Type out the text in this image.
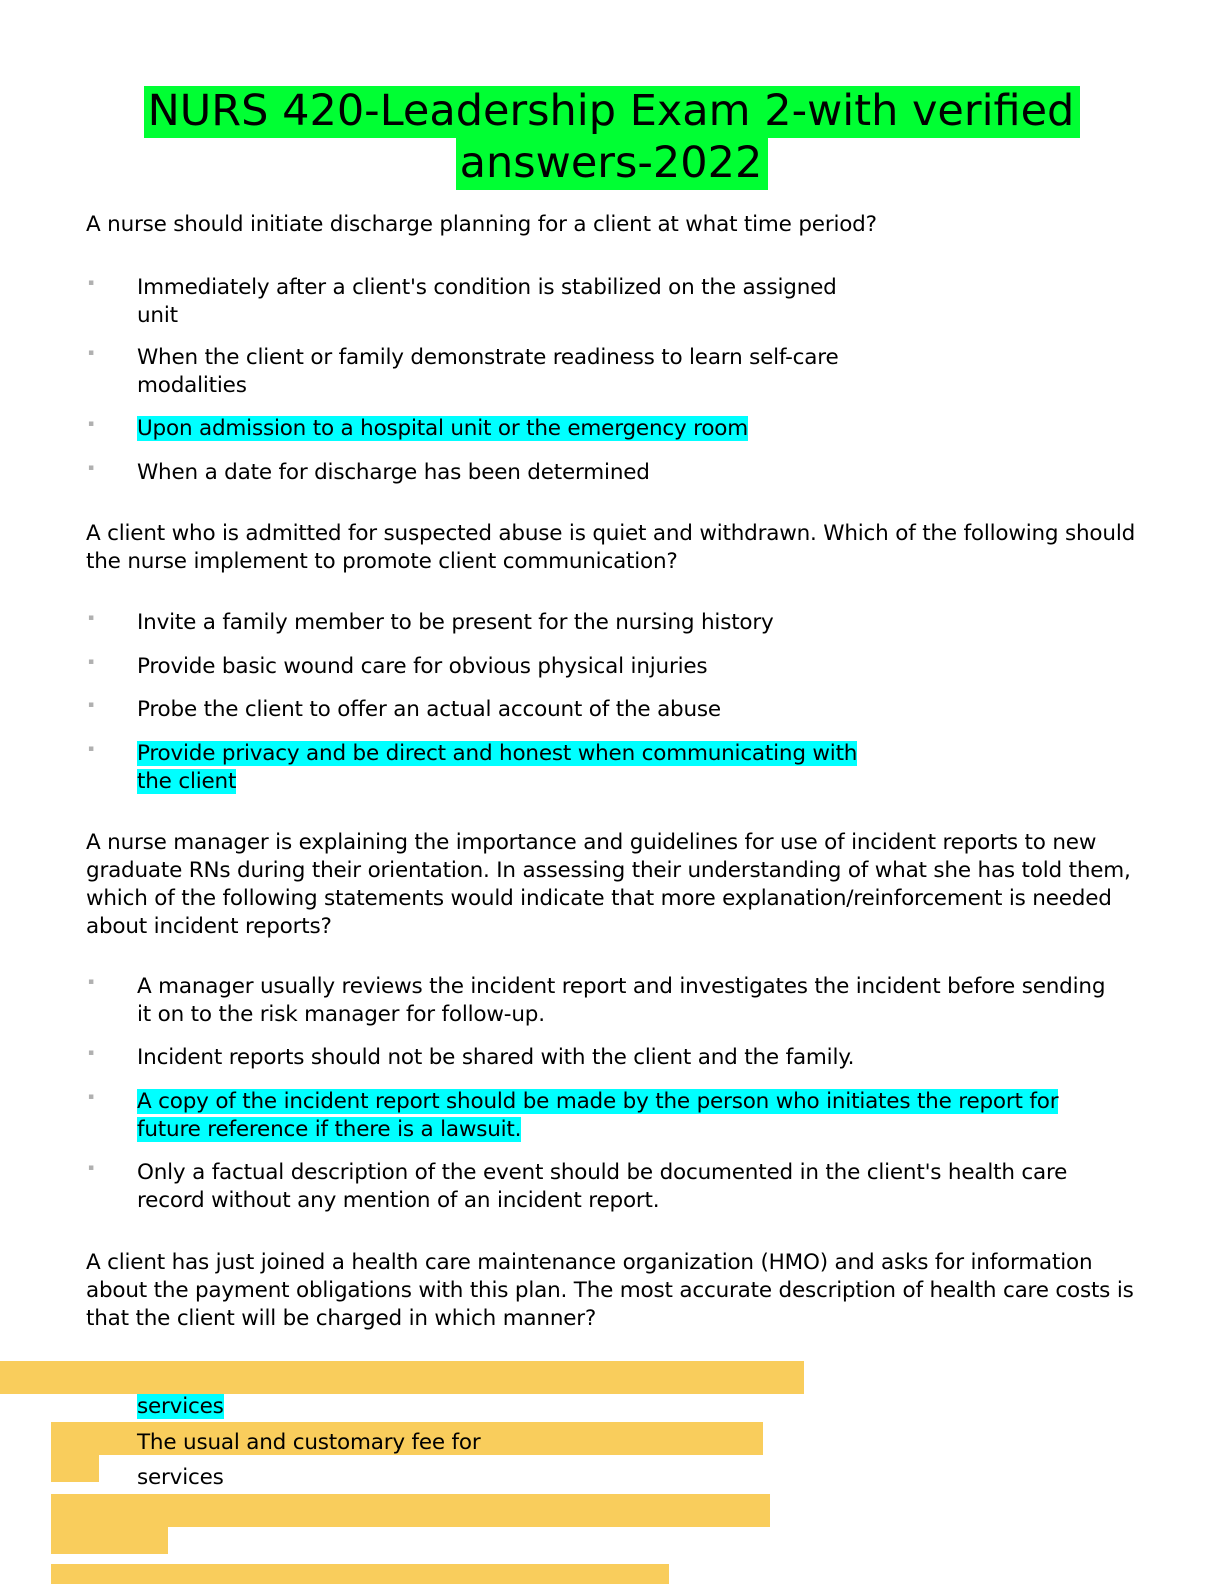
NURS 420-Leadership Exam 2-with verified
answers-2022

A nurse should initiate discharge planning for a client at what time period?

▪ Immediately after a client's condition is stabilized on the assigned unit
▪ When the client or family demonstrate readiness to learn self-care modalities
▪ Upon admission to a hospital unit or the emergency room
▪ When a date for discharge has been determined

A client who is admitted for suspected abuse is quiet and withdrawn. Which of the following should the nurse implement to promote client communication?

▪ Invite a family member to be present for the nursing history
▪ Provide basic wound care for obvious physical injuries
▪ Probe the client to offer an actual account of the abuse
▪ Provide privacy and be direct and honest when communicating with the client

A nurse manager is explaining the importance and guidelines for use of incident reports to new graduate RNs during their orientation. In assessing their understanding of what she has told them, which of the following statements would indicate that more explanation/reinforcement is needed about incident reports?

▪ A manager usually reviews the incident report and investigates the incident before sending it on to the risk manager for follow-up.
▪ Incident reports should not be shared with the client and the family.
▪ A copy of the incident report should be made by the person who initiates the report for future reference if there is a lawsuit.
▪ Only a factual description of the event should be documented in the client's health care record without any mention of an incident report.

A client has just joined a health care maintenance organization (HMO) and asks for information about the payment obligations with this plan. The most accurate description of health care costs is that the client will be charged in which manner?

services
The usual and customary fee for
services
